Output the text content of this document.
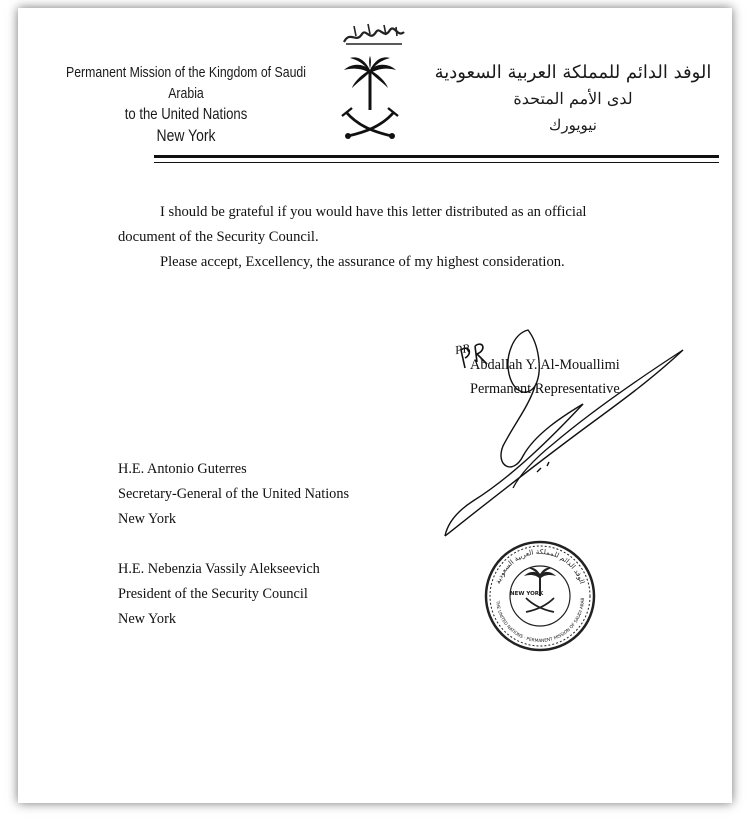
Permanent Mission of the Kingdom of Saudi Arabia
to the United Nations
New York
الوفد الدائم للمملكة العربية السعودية
لدى الأمم المتحدة
نيويورك
I should be grateful if you would have this letter distributed as an official
document of the Security Council.
Please accept, Excellency, the assurance of my highest consideration.
Abdallah Y. Al-Mouallimi
Permanent Representative
PR
H.E. Antonio Guterres
Secretary-General of the United Nations
New York
H.E. Nebenzia Vassily Alekseevich
President of the Security Council
New York
الوفد الدائم للمملكة العربية السعودية
THE UNITED NATIONS · PERMANENT MISSION OF SAUDI ARAB
NEW YORK
